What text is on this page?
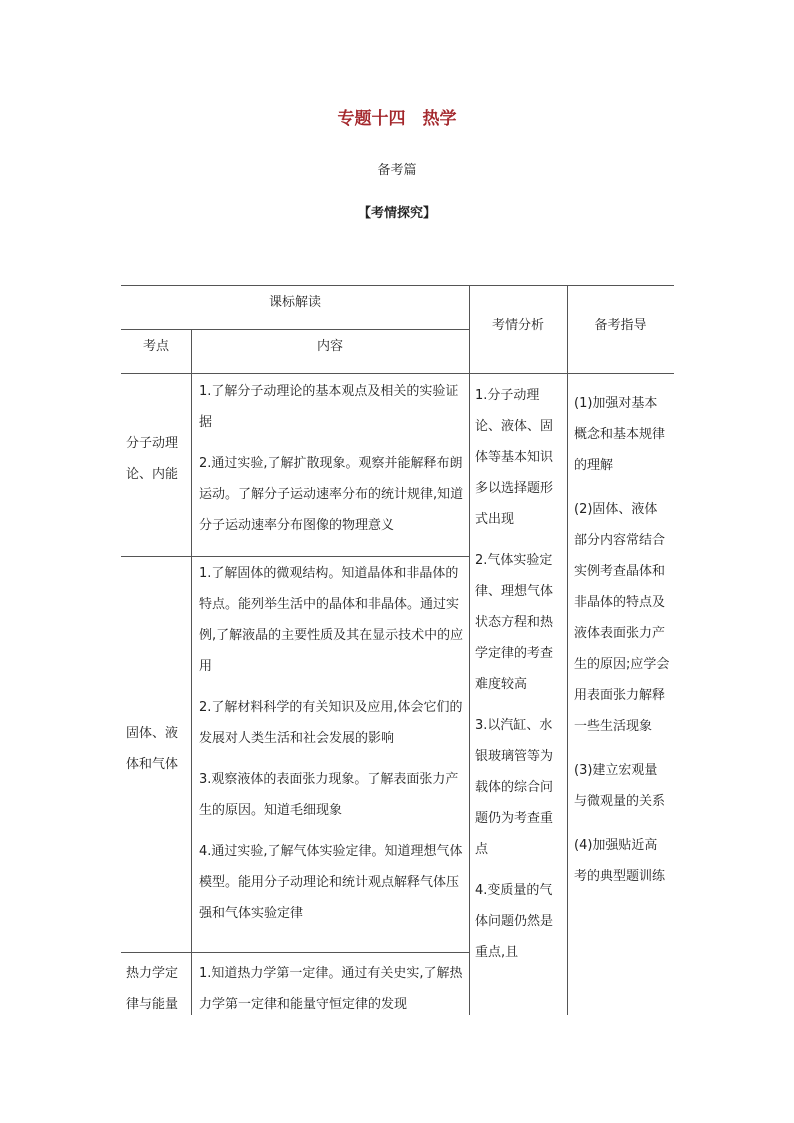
专题十四　热学
备考篇
【考情探究】
课标解读
考点	内容
考情分析	备考指导
分子动理论、内能

1.了解分子动理论的基本观点及相关的实验证据

2.通过实验,了解扩散现象。观察并能解释布朗运动。了解分子运动速率分布的统计规律,知道分子运动速率分布图像的物理意义

固体、液体和气体

1.了解固体的微观结构。知道晶体和非晶体的特点。能列举生活中的晶体和非晶体。通过实例,了解液晶的主要性质及其在显示技术中的应用

2.了解材料科学的有关知识及应用,体会它们的发展对人类生活和社会发展的影响

3.观察液体的表面张力现象。了解表面张力产生的原因。知道毛细现象

4.通过实验,了解气体实验定律。知道理想气体模型。能用分子动理论和统计观点解释气体压强和气体实验定律

热力学定律与能量

1.知道热力学第一定律。通过有关史实,了解热力学第一定律和能量守恒定律的发现

1.分子动理论、液体、固体等基本知识多以选择题形式出现

2.气体实验定律、理想气体状态方程和热学定律的考查难度较高

3.以汽缸、水银玻璃管等为载体的综合问题仍为考查重点

4.变质量的气体问题仍然是重点,且

(1)加强对基本概念和基本规律的理解

(2)固体、液体部分内容常结合实例考查晶体和非晶体的特点及液体表面张力产生的原因;应学会用表面张力解释一些生活现象

(3)建立宏观量与微观量的关系

(4)加强贴近高考的典型题训练
